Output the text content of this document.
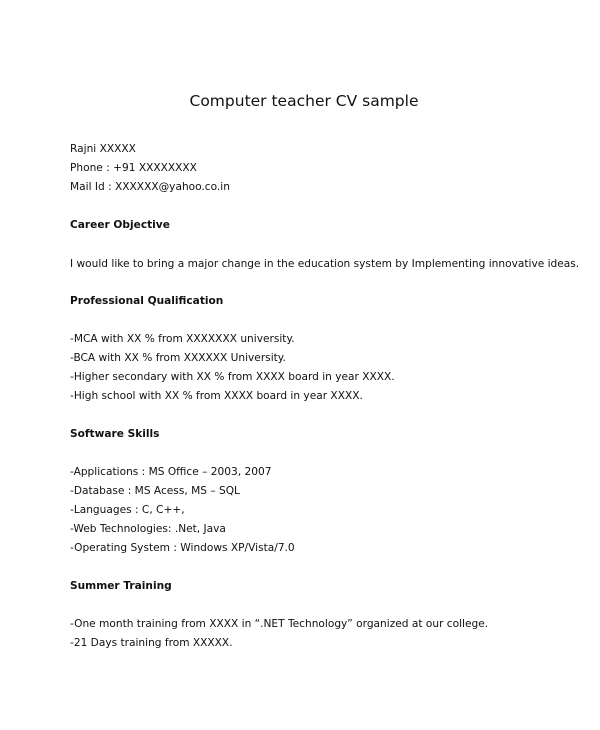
Computer teacher CV sample
Rajni XXXXX
Phone : +91 XXXXXXXX
Mail Id : XXXXXX@yahoo.co.in
Career Objective
I would like to bring a major change in the education system by Implementing innovative ideas.
Professional Qualification
-MCA with XX % from XXXXXXX university.
-BCA with XX % from XXXXXX University.
-Higher secondary with XX % from XXXX board in year XXXX.
-High school with XX % from XXXX board in year XXXX.
Software Skills
-Applications : MS Office – 2003, 2007
-Database : MS Acess, MS – SQL
-Languages : C, C++,
-Web Technologies: .Net, Java
-Operating System : Windows XP/Vista/7.0
Summer Training
-One month training from XXXX in “.NET Technology” organized at our college.
-21 Days training from XXXXX.
